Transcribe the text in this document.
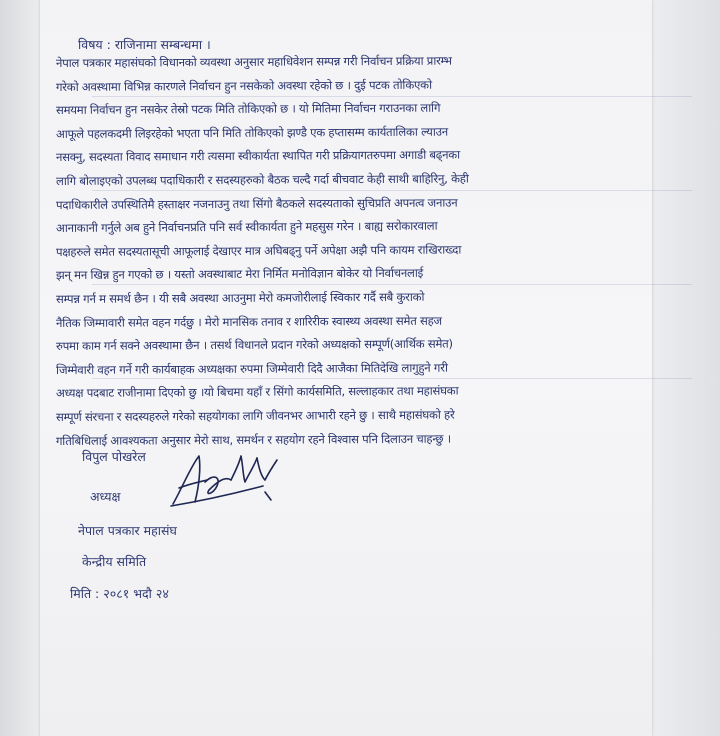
विषय : राजिनामा सम्बन्धमा ।
नेपाल पत्रकार महासंघको विधानको व्यवस्था अनुसार महाधिवेशन सम्पन्न गरी निर्वाचन प्रक्रिया प्रारम्भ
गरेको अवस्थामा विभिन्न कारणले निर्वाचन हुन नसकेको अवस्था रहेको छ । दुई पटक तोकिएको
समयमा निर्वाचन हुन नसकेर तेस्रो पटक मिति तोकिएको छ । यो मितिमा निर्वाचन गराउनका लागि
आफूले पहलकदमी लिइरहेको भएता पनि मिति तोकिएको झण्डै एक हप्तासम्म कार्यतालिका ल्याउन
नसक्नु, सदस्यता विवाद समाधान गरी त्यसमा स्वीकार्यता स्थापित गरी प्रक्रियागतरुपमा अगाडी बढ्नका
लागि बोलाइएको उपलब्ध पदाधिकारी र सदस्यहरुको बैठक चल्दै गर्दा बीचवाट केही साथी बाहिरिनु, केही
पदाधिकारीले उपस्थितिमै हस्ताक्षर नजनाउनु तथा सिंगो बैठकले सदस्यताको सुचिप्रति अपनत्व जनाउन
आनाकानी गर्नुले अब हुने निर्वाचनप्रति पनि सर्व स्वीकार्यता हुने महसुस गरेन । बाह्य सरोकारवाला
पक्षहरुले समेत सदस्यतासूची आफूलाई देखाएर मात्र अघिबढ्नु पर्ने अपेक्षा अझै पनि कायम राखिराख्दा
झन् मन खिन्न हुन गएको छ । यस्तो अवस्थाबाट मेरा निर्मित मनोविज्ञान बोकेर यो निर्वाचनलाई
सम्पन्न गर्न म समर्थ छैन । यी सबै अवस्था आउनुमा मेरो कमजोरीलाई स्विकार गर्दै सबै कुराको
नैतिक जिम्मावारी समेत वहन गर्दछु । मेरो मानसिक तनाव र शारिरीक स्वास्थ्य अवस्था समेत सहज
रुपमा काम गर्न सक्ने अवस्थामा छैन । तसर्थ विधानले प्रदान गरेको अध्यक्षको सम्पूर्ण(आर्थिक समेत)
जिम्मेवारी वहन गर्ने गरी कार्यबाहक अध्यक्षका रुपमा जिम्मेवारी दिदै आजैका मितिदेखि लागुहुने गरी
अध्यक्ष पदबाट राजीनामा दिएको छु ।यो बिचमा यहाँ र सिंगो कार्यसमिति, सल्लाहकार तथा महासंघका
सम्पूर्ण संरचना र सदस्यहरुले गरेको सहयोगका लागि जीवनभर आभारी रहने छु । साथै महासंघको हरे
गतिबिधिलाई आवश्यकता अनुसार मेरो साथ, समर्थन र सहयोग रहने विश्वास पनि दिलाउन चाहन्छु ।
विपुल पोखरेल
अध्यक्ष
नेपाल पत्रकार महासंघ
केन्द्रीय समिति
मिति : २०८१ भदौ २४
